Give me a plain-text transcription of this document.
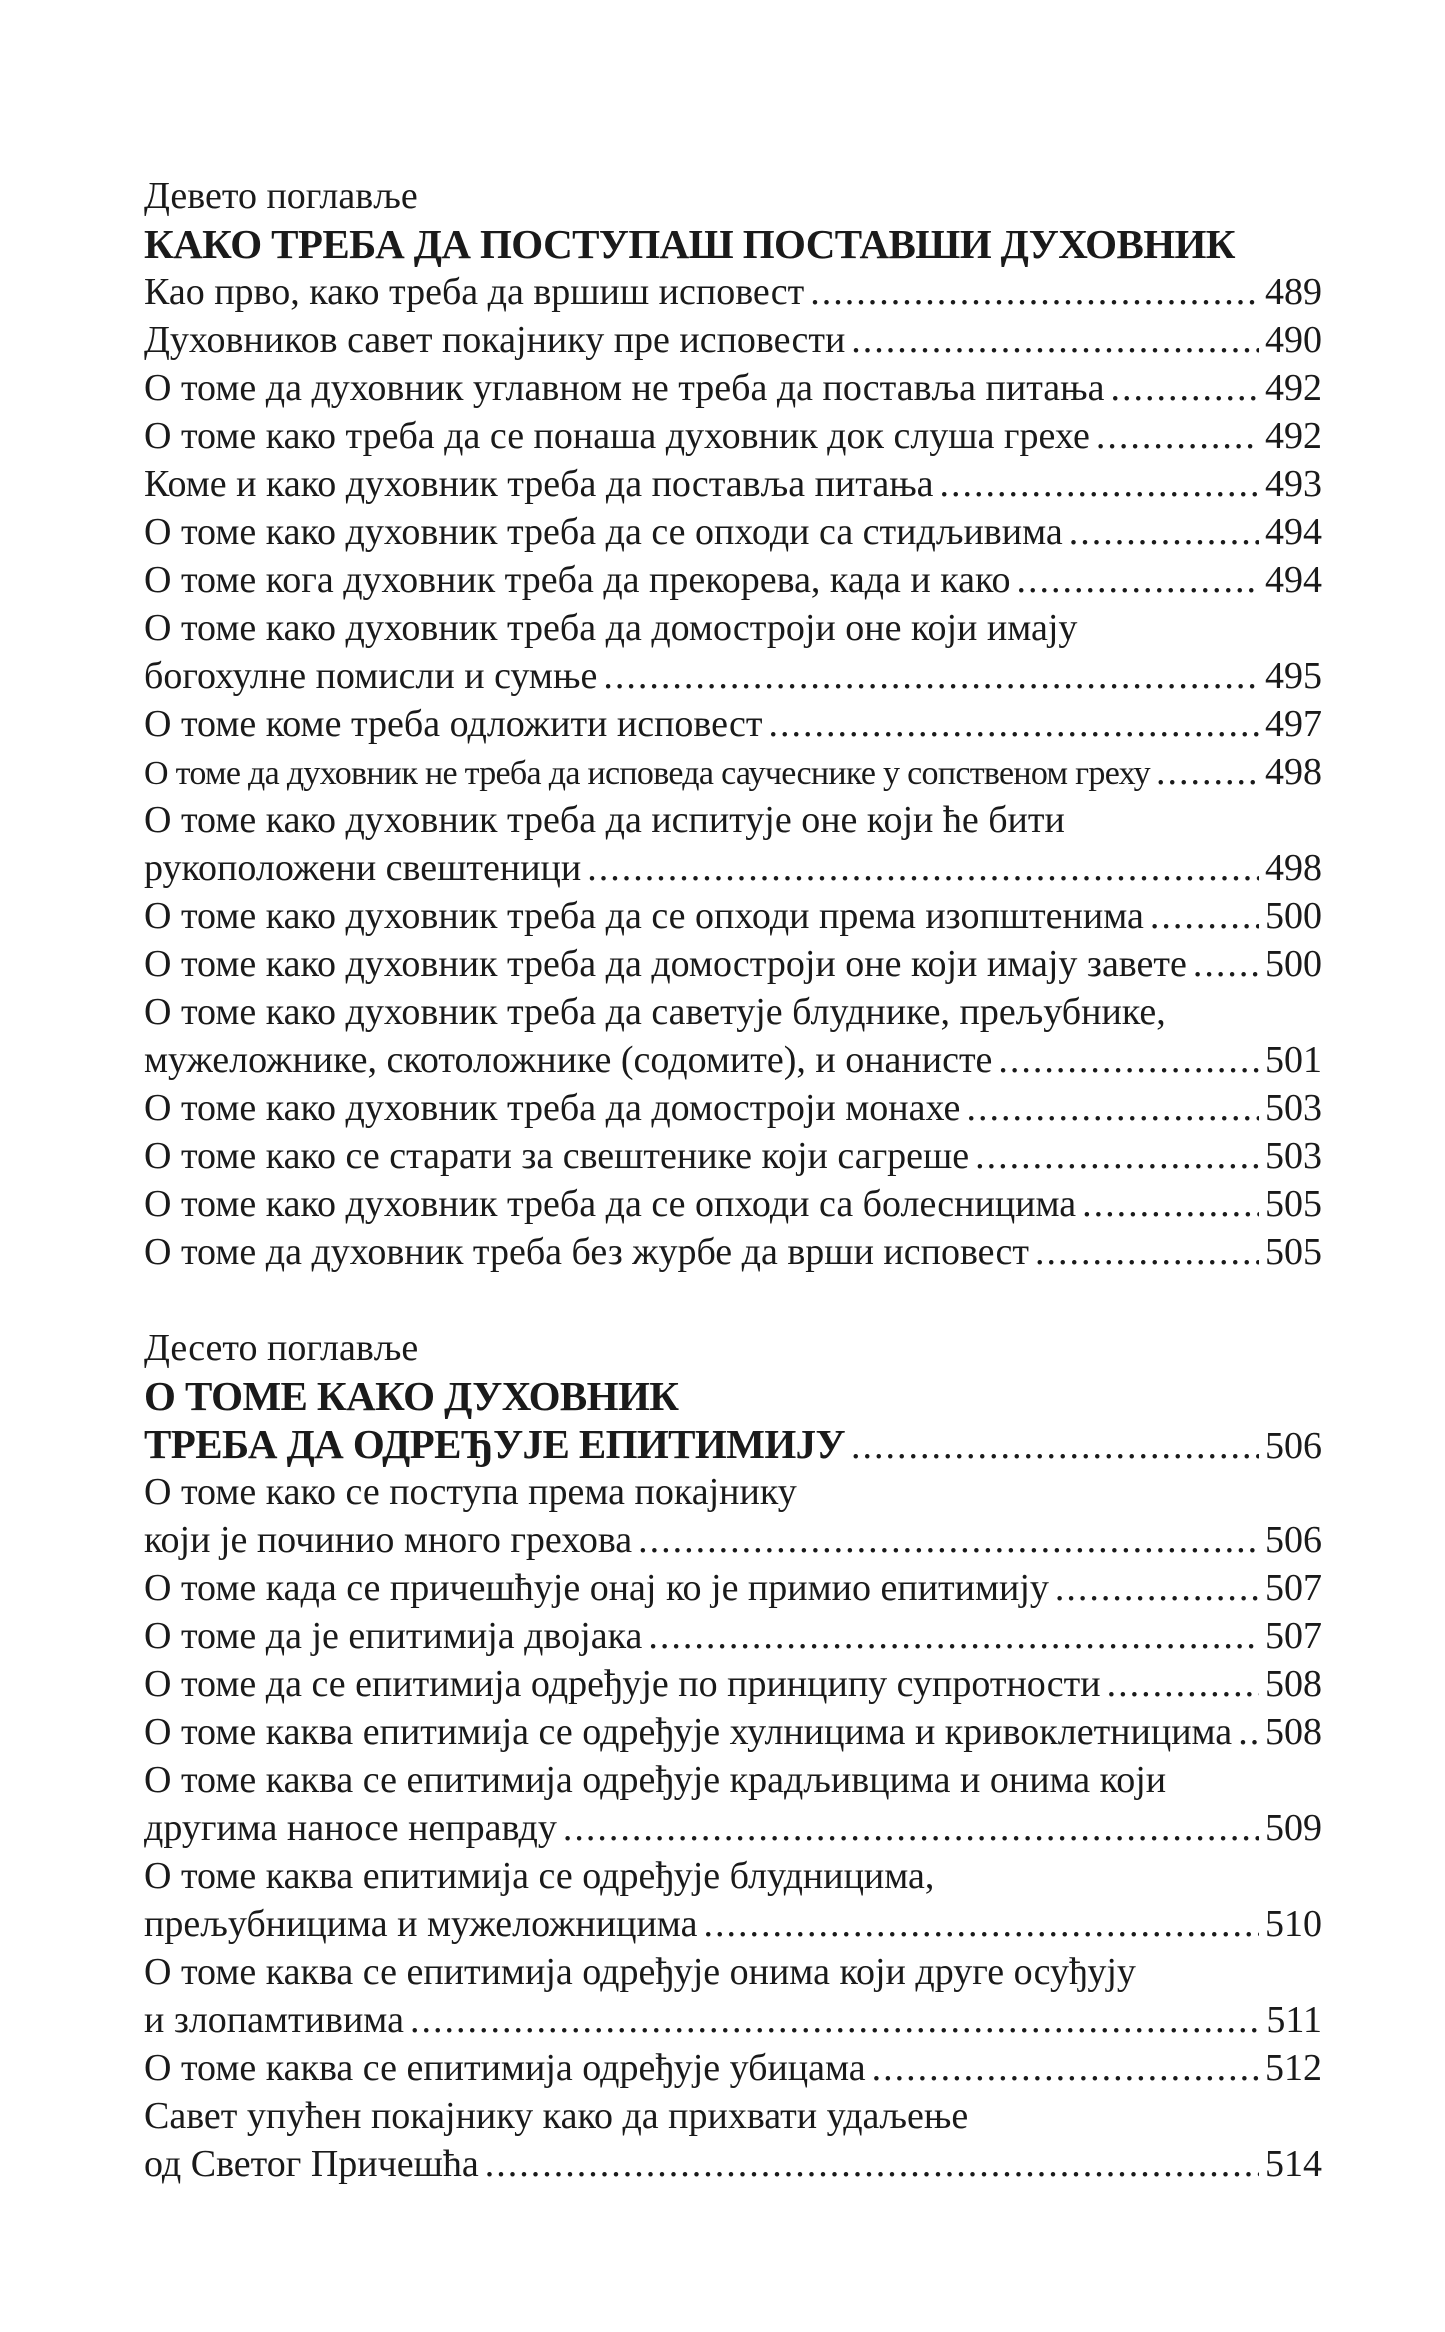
Девето поглавље
КАКО ТРЕБА ДА ПОСТУПАШ ПОСТАВШИ ДУХОВНИК
Као прво, како треба да вршиш исповест .....	489
Духовников савет покајнику пре исповести .....	490
О томе да духовник углавном не треба да поставља питања .....	492
О томе како треба да се понаша духовник док слуша грехе .....	492
Коме и како духовник треба да поставља питања .....	493
О томе како духовник треба да се опходи са стидљивима .....	494
О томе кога духовник треба да прекорева, када и како .....	494
О томе како духовник треба да домостроји оне који имају
богохулне помисли и сумње .....	495
О томе коме треба одложити исповест .....	497
О томе да духовник не треба да исповеда саучеснике у сопственом греху .....	498
О томе како духовник треба да испитује оне који ће бити
рукоположени свештеници .....	498
О томе како духовник треба да се опходи према изопштенима .....	500
О томе како духовник треба да домостроји оне који имају завете ..... 500
О томе како духовник треба да саветује блуднике, прељубнике,
мужеложнике, скотоложнике (содомите), и онанисте .....	501
О томе како духовник треба да домостроји монахе .....	503
О томе како се старати за свештенике који сагреше .....	503
О томе како духовник треба да се опходи са болесницима .....	505
О томе да духовник треба без журбе да врши исповест .....	505
Десето поглавље
О ТОМЕ КАКО ДУХОВНИК
ТРЕБА ДА ОДРЕЂУЈЕ ЕПИТИМИЈУ .....	506
О томе како се поступа према покајнику
који је починио много грехова .....	506
О томе када се причешћује онај ко је примио епитимију .....	507
О томе да је епитимија двојака .....	507
О томе да се епитимија одређује по принципу супротности .....	508
О томе каква епитимија се одређује хулницима и кривоклетницима ..... 508
О томе каква се епитимија одређује крадљивцима и онима који
другима наносе неправду .....	509
О томе каква епитимија се одређује блудницима,
прељубницима и мужеложницима .....	510
О томе каква се епитимија одређује онима који друге осуђују
и злопамтивима .....	511
О томе каква се епитимија одређује убицама .....	512
Савет упућен покајнику како да прихвати удаљење
од Светог Причешћа .....	514
